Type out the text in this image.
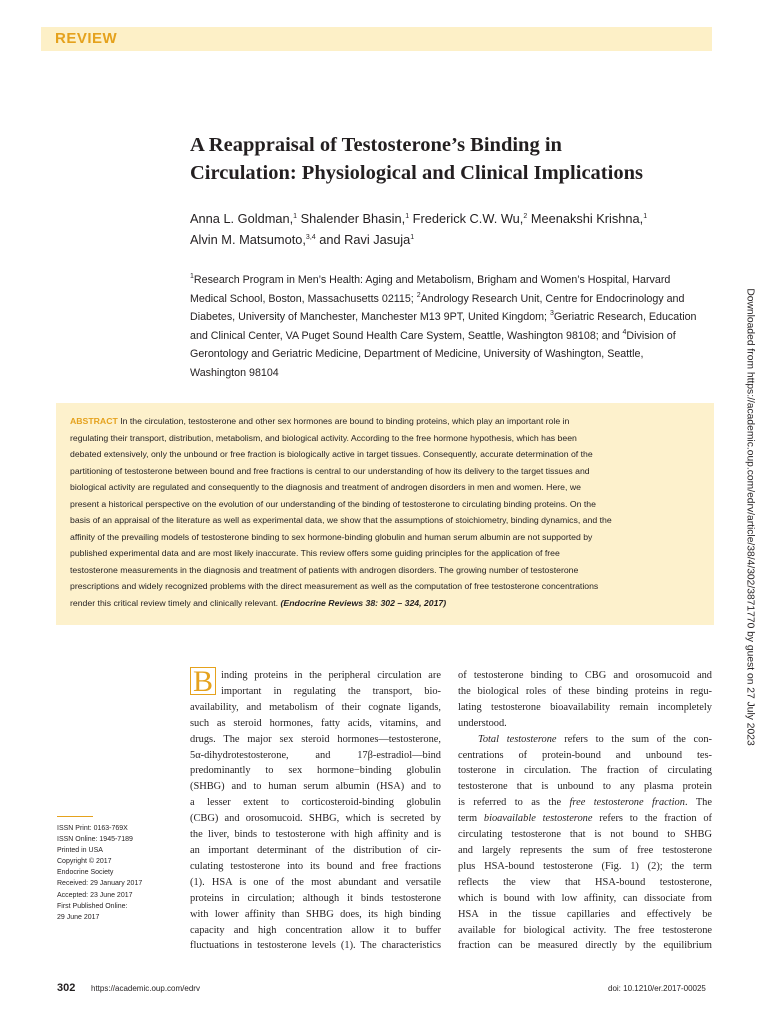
REVIEW
A Reappraisal of Testosterone’s Binding in
Circulation: Physiological and Clinical Implications
Anna L. Goldman,$^1$ Shalender Bhasin,$^1$ Frederick C.W. Wu,$^2$ Meenakshi Krishna,$^1$
Alvin M. Matsumoto,$^{3,4}$ and Ravi Jasuja$^1$
$^1$Research Program in Men’s Health: Aging and Metabolism, Brigham and Women’s Hospital, Harvard
Medical School, Boston, Massachusetts 02115; $^2$Andrology Research Unit, Centre for Endocrinology and
Diabetes, University of Manchester, Manchester M13 9PT, United Kingdom; $^3$Geriatric Research, Education
and Clinical Center, VA Puget Sound Health Care System, Seattle, Washington 98108; and $^4$Division of
Gerontology and Geriatric Medicine, Department of Medicine, University of Washington, Seattle,
Washington 98104
ABSTRACT In the circulation, testosterone and other sex hormones are bound to binding proteins, which play an important role in
regulating their transport, distribution, metabolism, and biological activity. According to the free hormone hypothesis, which has been
debated extensively, only the unbound or free fraction is biologically active in target tissues. Consequently, accurate determination of the
partitioning of testosterone between bound and free fractions is central to our understanding of how its delivery to the target tissues and
biological activity are regulated and consequently to the diagnosis and treatment of androgen disorders in men and women. Here, we
present a historical perspective on the evolution of our understanding of the binding of testosterone to circulating binding proteins. On the
basis of an appraisal of the literature as well as experimental data, we show that the assumptions of stoichiometry, binding dynamics, and the
affinity of the prevailing models of testosterone binding to sex hormone-binding globulin and human serum albumin are not supported by
published experimental data and are most likely inaccurate. This review offers some guiding principles for the application of free
testosterone measurements in the diagnosis and treatment of patients with androgen disorders. The growing number of testosterone
prescriptions and widely recognized problems with the direct measurement as well as the computation of free testosterone concentrations
render this critical review timely and clinically relevant. (Endocrine Reviews 38: 302 – 324, 2017)	Downloaded from https://academic.oup.com/edrv/article/38/4/302/3871770 by guest on 27 July 2023
ISSN Print: 0163-769X
ISSN Online: 1945-7189
Printed in USA
Copyright © 2017
Endocrine Society
Received: 29 January 2017
Accepted: 23 June 2017
First Published Online:
29 June 2017
B inding proteins in the peripheral circulation are
important in regulating the transport, bio-
availability, and metabolism of their cognate ligands,
such as steroid hormones, fatty acids, vitamins, and
drugs. The major sex steroid hormones—testosterone,
5α-dihydrotestosterone, and 17β-estradiol—bind
predominantly to sex hormone−binding globulin
(SHBG) and to human serum albumin (HSA) and to
a lesser extent to corticosteroid-binding globulin
(CBG) and orosomucoid. SHBG, which is secreted by
the liver, binds to testosterone with high affinity and is
an important determinant of the distribution of cir-
culating testosterone into its bound and free fractions
(1). HSA is one of the most abundant and versatile
proteins in circulation; although it binds testosterone
with lower affinity than SHBG does, its high binding
capacity and high concentration allow it to buffer
fluctuations in testosterone levels (1). The characteristics
of testosterone binding to CBG and orosomucoid and
the biological roles of these binding proteins in regu-
lating testosterone bioavailability remain incompletely
understood.
Total testosterone refers to the sum of the con-
centrations of protein-bound and unbound tes-
tosterone in circulation. The fraction of circulating
testosterone that is unbound to any plasma protein
is referred to as the free testosterone fraction. The
term bioavailable testosterone refers to the fraction of
circulating testosterone that is not bound to SHBG
and largely represents the sum of free testosterone
plus HSA-bound testosterone (Fig. 1) (2); the term
reflects the view that HSA-bound testosterone,
which is bound with low affinity, can dissociate from
HSA in the tissue capillaries and effectively be
available for biological activity. The free testosterone
fraction can be measured directly by the equilibrium
302 https://academic.oup.com/edrv	doi: 10.1210/er.2017-00025
